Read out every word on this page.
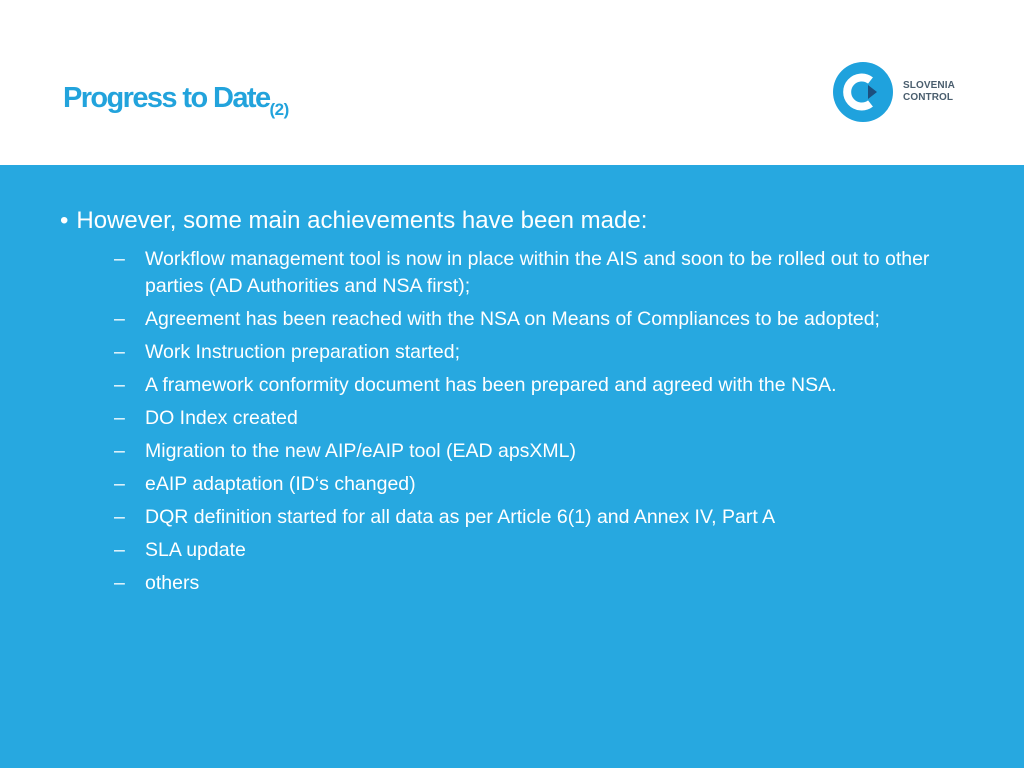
Progress to Date$_{(2)}$
SLOVENIA
CONTROL
• However, some main achievements have been made:
– Workflow management tool is now in place within the AIS and soon to be rolled out to other parties (AD Authorities and NSA first);
– Agreement has been reached with the NSA on Means of Compliances to be adopted;
– Work Instruction preparation started;
– A framework conformity document has been prepared and agreed with the NSA.
– DO Index created
– Migration to the new AIP/eAIP tool (EAD apsXML)
– eAIP adaptation (ID‘s changed)
– DQR definition started for all data as per Article 6(1) and Annex IV, Part A
– SLA update
– others
